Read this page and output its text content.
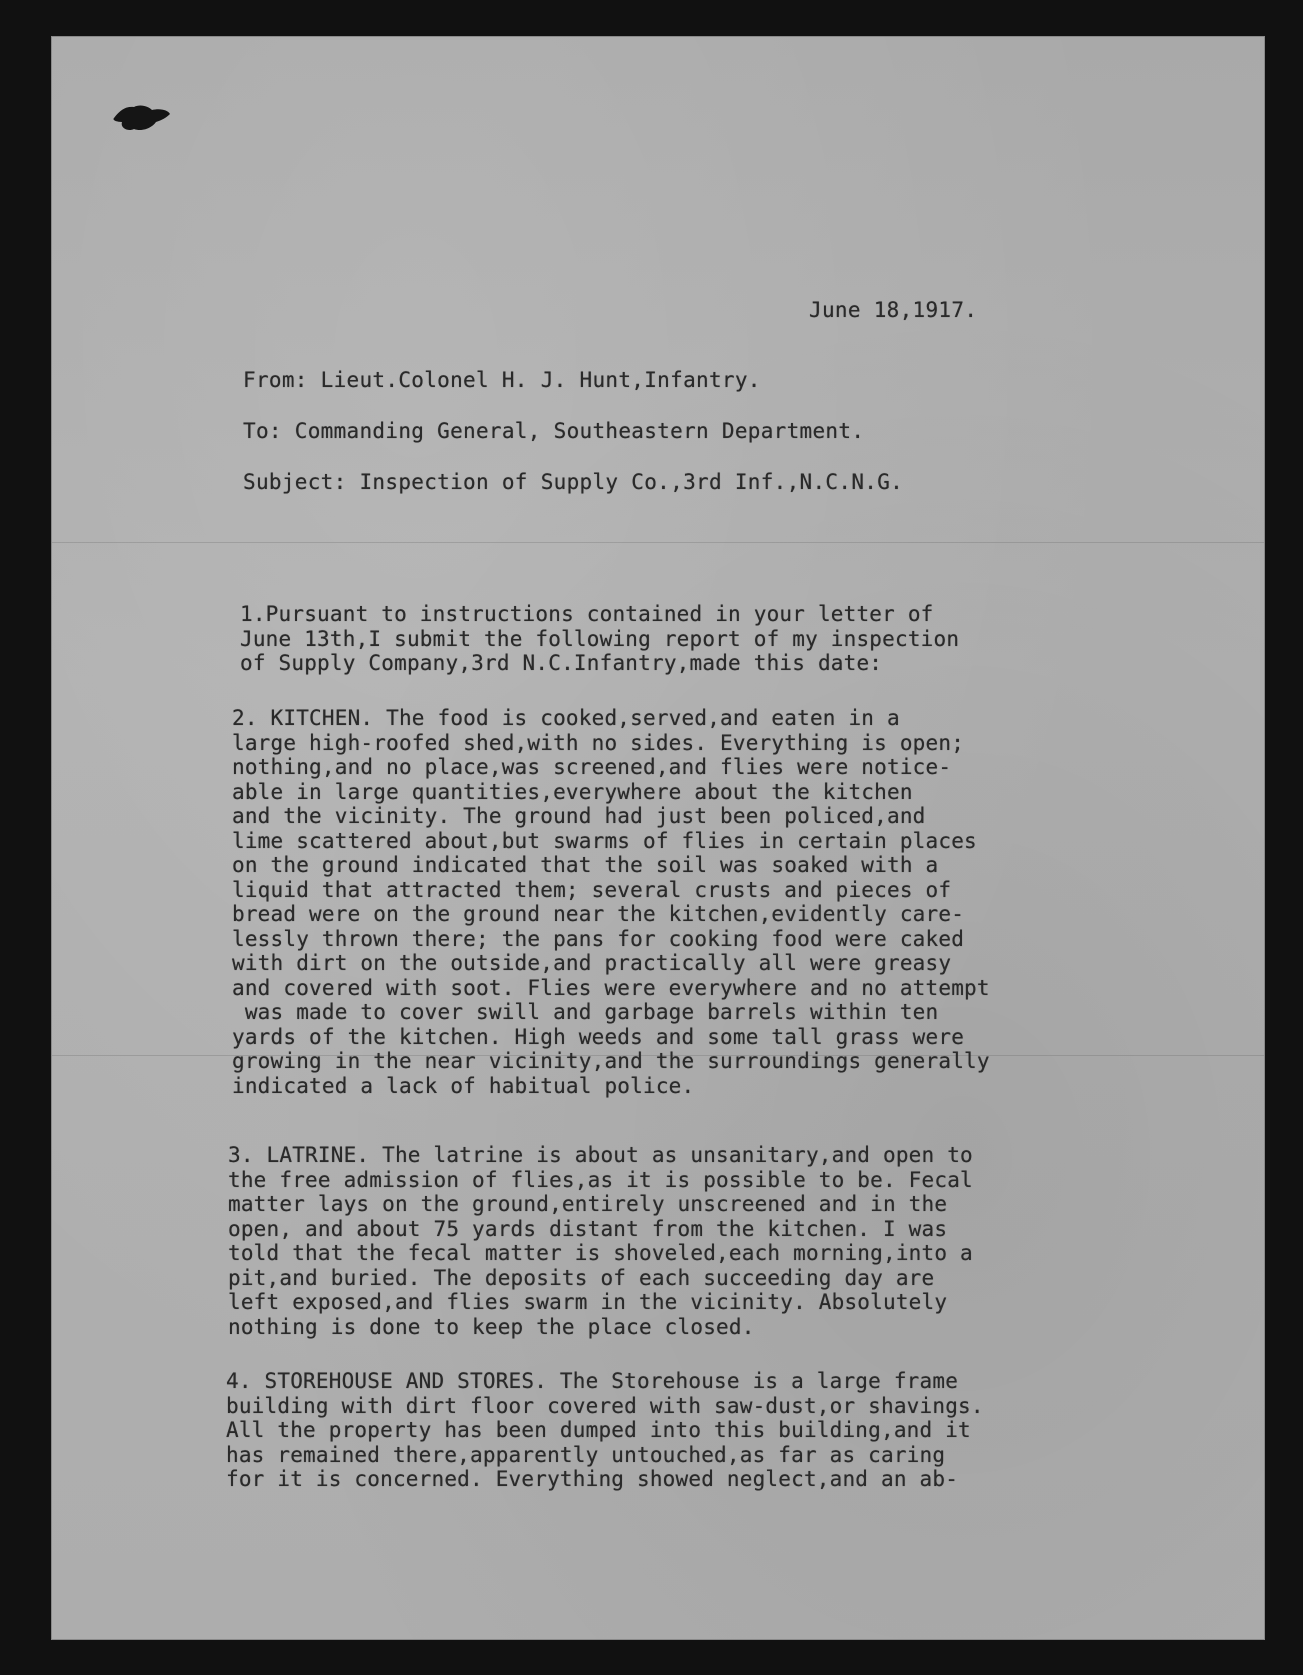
June 18,1917.
From: Lieut.Colonel H. J. Hunt,Infantry.
To: Commanding General, Southeastern Department.
Subject: Inspection of Supply Co.,3rd Inf.,N.C.N.G.
1.Pursuant to instructions contained in your letter of
June 13th,I submit the following report of my inspection
of Supply Company,3rd N.C.Infantry,made this date:
2. KITCHEN. The food is cooked,served,and eaten in a
large high-roofed shed,with no sides. Everything is open;
nothing,and no place,was screened,and flies were notice-
able in large quantities,everywhere about the kitchen
and the vicinity. The ground had just been policed,and
lime scattered about,but swarms of flies in certain places
on the ground indicated that the soil was soaked with a
liquid that attracted them; several crusts and pieces of
bread were on the ground near the kitchen,evidently care-
lessly thrown there; the pans for cooking food were caked
with dirt on the outside,and practically all were greasy
and covered with soot. Flies were everywhere and no attempt
was made to cover swill and garbage barrels within ten
yards of the kitchen. High weeds and some tall grass were
growing in the near vicinity,and the surroundings generally
indicated a lack of habitual police.
3. LATRINE. The latrine is about as unsanitary,and open to
the free admission of flies,as it is possible to be. Fecal
matter lays on the ground,entirely unscreened and in the
open, and about 75 yards distant from the kitchen. I was
told that the fecal matter is shoveled,each morning,into a
pit,and buried. The deposits of each succeeding day are
left exposed,and flies swarm in the vicinity. Absolutely
nothing is done to keep the place closed.
4. STOREHOUSE AND STORES. The Storehouse is a large frame
building with dirt floor covered with saw-dust,or shavings.
All the property has been dumped into this building,and it
has remained there,apparently untouched,as far as caring
for it is concerned. Everything showed neglect,and an ab-
